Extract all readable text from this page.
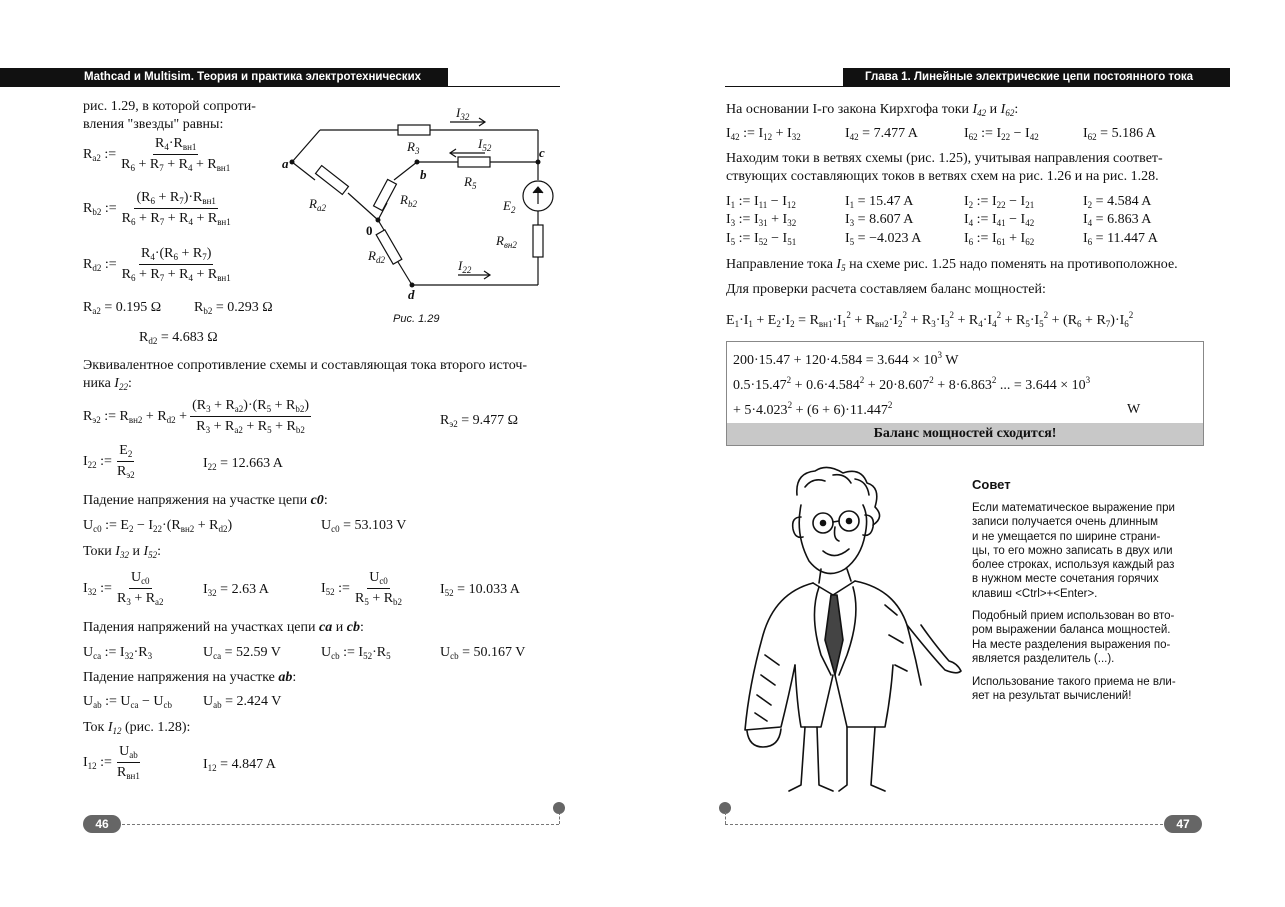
Mathcad и Multisim. Теория и практика электротехнических расчетов
Глава 1. Линейные электрические цепи постоянного тока
рис. 1.29, в которой сопроти-
вления "звезды" равны:
$R_{a2}$ := $\frac{R_4\cdot R_{вн1}}{R_6 + R_7 + R_4 + R_{вн1}}$
$R_{b2}$ := $\frac{(R_6 + R_7)\cdot R_{вн1}}{R_6 + R_7 + R_4 + R_{вн1}}$
$R_{d2}$ := $\frac{R_4\cdot(R_6 + R_7)}{R_6 + R_7 + R_4 + R_{вн1}}$
$R_{a2} = 0.195$ Ω $R_{b2} = 0.293$ Ω
$R_{d2} = 4.683$ Ω
a
b
c
d
0
$R_3$
$R_5$
$R_{a2}$
$R_{b2}$
$R_{d2}$
$E_2$
$R_{вн2}$
$I_{32}$
$I_{52}$
$I_{22}$
Рис. 1.29
Эквивалентное сопротивление схемы и составляющая тока второго источ-
ника $I_{22}$:
$R_{э2}$ := $R_{вн2} + R_{d2} + \frac{(R_3 + R_{a2})\cdot(R_5 + R_{b2})}{R_3 + R_{a2} + R_5 + R_{b2}}$	$R_{э2} = 9.477$ Ω
$I_{22}$ := $\frac{E_2}{R_{э2}}$	$I_{22} = 12.663$ A
Падение напряжения на участке цепи c0:
$U_{c0}$ := $E_2 - I_{22}\cdot(R_{вн2} + R_{d2})$	$U_{c0} = 53.103$ V
Токи $I_{32}$ и $I_{52}$:
$I_{32}$ := $\frac{U_{c0}}{R_3 + R_{a2}}$	$I_{32} = 2.63$ A	$I_{52}$ := $\frac{U_{c0}}{R_5 + R_{b2}}$	$I_{52} = 10.033$ A
Падения напряжений на участках цепи ca и cb:
$U_{ca}$ := $I_{32}\cdot R_3$	$U_{ca} = 52.59$ V	$U_{cb}$ := $I_{52}\cdot R_5$	$U_{cb} = 50.167$ V
Падение напряжения на участке ab:
$U_{ab}$ := $U_{ca} - U_{cb}$ $U_{ab} = 2.424$ V
Ток $I_{12}$ (рис. 1.28):
$I_{12}$ := $\frac{U_{ab}}{R_{вн1}}$	$I_{12} = 4.847$ A
46
На основании I-го закона Кирхгофа токи $I_{42}$ и $I_{62}$:
$I_{42}$ := $I_{12} + I_{32}$	$I_{42} = 7.477$ A	$I_{62}$ := $I_{22} - I_{42}$	$I_{62} = 5.186$ A
Находим токи в ветвях схемы (рис. 1.25), учитывая направления соответ-
ствующих составляющих токов в ветвях схем на рис. 1.26 и на рис. 1.28.
$I_1$ := $I_{11} - I_{12}$	$I_1 = 15.47$ A	$I_2$ := $I_{22} - I_{21}$	$I_2 = 4.584$ A
$I_3$ := $I_{31} + I_{32}$	$I_3 = 8.607$ A	$I_4$ := $I_{41} - I_{42}$	$I_4 = 6.863$ A
$I_5$ := $I_{52} - I_{51}$	$I_5 = -4.023$ A	$I_6$ := $I_{61} + I_{62}$	$I_6 = 11.447$ A
Направление тока $I_5$ на схеме рис. 1.25 надо поменять на противоположное.
Для проверки расчета составляем баланс мощностей:
$E_1\cdot I_1 + E_2\cdot I_2 = R_{вн1}\cdot I_1^2 + R_{вн2}\cdot I_2^2 + R_3\cdot I_3^2 + R_4\cdot I_4^2 + R_5\cdot I_5^2 + (R_6 + R_7)\cdot I_6^2$
$200\cdot 15.47 + 120\cdot 4.584 = 3.644 \times 10^3$ W
$0.5\cdot 15.47^2 + 0.6\cdot 4.584^2 + 20\cdot 8.607^2 + 8\cdot 6.863^2$ ... = $3.644 \times 10^3$
+ $5\cdot 4.023^2 + (6 + 6)\cdot 11.447^2$	W
Баланс мощностей сходится!
Совет
Если математическое выражение при
записи получается очень длинным
и не умещается по ширине страни-
цы, то его можно записать в двух или
более строках, используя каждый раз
в нужном месте сочетания горячих
клавиш <Ctrl>+<Enter>.
Подобный прием использован во вто-
ром выражении баланса мощностей.
На месте разделения выражения по-
является разделитель (...).
Использование такого приема не вли-
яет на результат вычислений!
47
